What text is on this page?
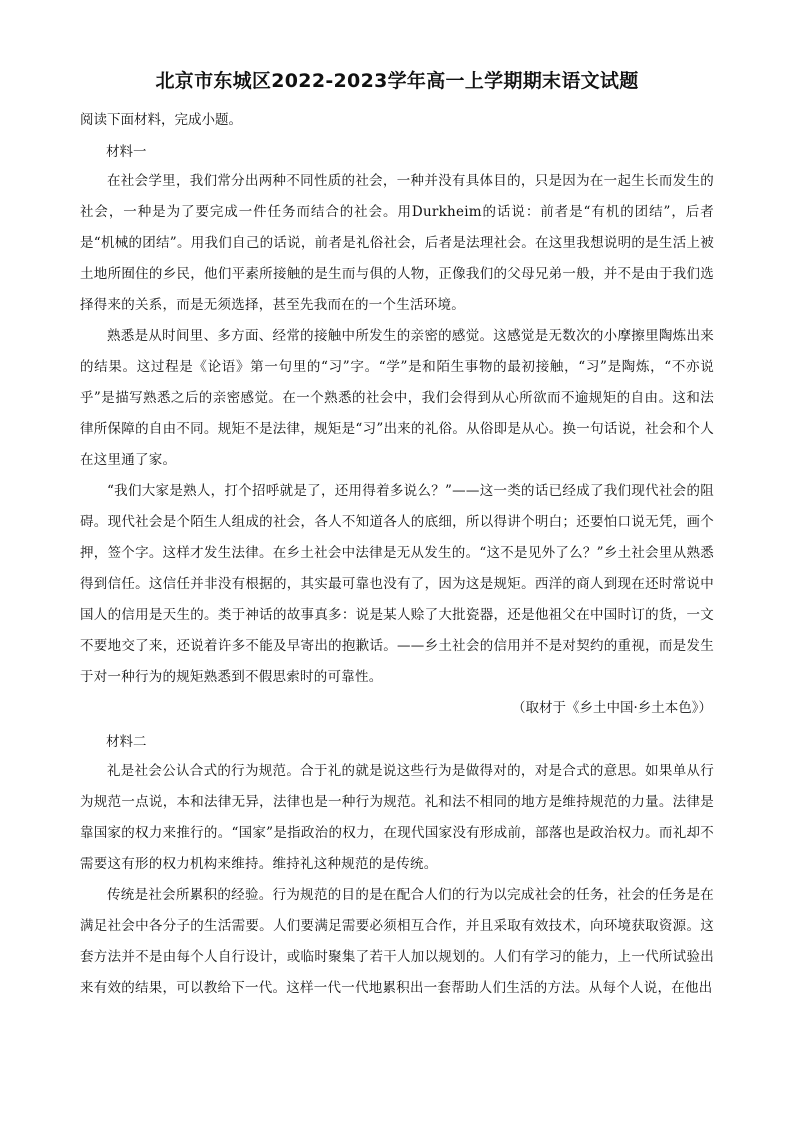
北京市东城区2022-2023学年高一上学期期末语文试题

阅读下面材料，完成小题。

材料一

在社会学里，我们常分出两种不同性质的社会，一种并没有具体目的，只是因为在一起生长而发生的社会，一种是为了要完成一件任务而结合的社会。用Durkheim的话说：前者是“有机的团结”，后者是“机械的团结”。用我们自己的话说，前者是礼俗社会，后者是法理社会。在这里我想说明的是生活上被土地所囿住的乡民，他们平素所接触的是生而与俱的人物，正像我们的父母兄弟一般，并不是由于我们选择得来的关系，而是无须选择，甚至先我而在的一个生活环境。

熟悉是从时间里、多方面、经常的接触中所发生的亲密的感觉。这感觉是无数次的小摩擦里陶炼出来的结果。这过程是《论语》第一句里的“习”字。“学”是和陌生事物的最初接触，“习”是陶炼，“不亦说乎”是描写熟悉之后的亲密感觉。在一个熟悉的社会中，我们会得到从心所欲而不逾规矩的自由。这和法律所保障的自由不同。规矩不是法律，规矩是“习”出来的礼俗。从俗即是从心。换一句话说，社会和个人在这里通了家。

“我们大家是熟人，打个招呼就是了，还用得着多说么？”——这一类的话已经成了我们现代社会的阻碍。现代社会是个陌生人组成的社会，各人不知道各人的底细，所以得讲个明白；还要怕口说无凭，画个押，签个字。这样才发生法律。在乡土社会中法律是无从发生的。“这不是见外了么？”乡土社会里从熟悉得到信任。这信任并非没有根据的，其实最可靠也没有了，因为这是规矩。西洋的商人到现在还时常说中国人的信用是天生的。类于神话的故事真多：说是某人赊了大批瓷器，还是他祖父在中国时订的货，一文不要地交了来，还说着许多不能及早寄出的抱歉话。——乡土社会的信用并不是对契约的重视，而是发生于对一种行为的规矩熟悉到不假思索时的可靠性。

（取材于《乡土中国·乡土本色》）

材料二

礼是社会公认合式的行为规范。合于礼的就是说这些行为是做得对的，对是合式的意思。如果单从行为规范一点说，本和法律无异，法律也是一种行为规范。礼和法不相同的地方是维持规范的力量。法律是靠国家的权力来推行的。“国家”是指政治的权力，在现代国家没有形成前，部落也是政治权力。而礼却不需要这有形的权力机构来维持。维持礼这种规范的是传统。

传统是社会所累积的经验。行为规范的目的是在配合人们的行为以完成社会的任务，社会的任务是在满足社会中各分子的生活需要。人们要满足需要必须相互合作，并且采取有效技术，向环境获取资源。这套方法并不是由每个人自行设计，或临时聚集了若干人加以规划的。人们有学习的能力，上一代所试验出来有效的结果，可以教给下一代。这样一代一代地累积出一套帮助人们生活的方法。从每个人说，在他出
